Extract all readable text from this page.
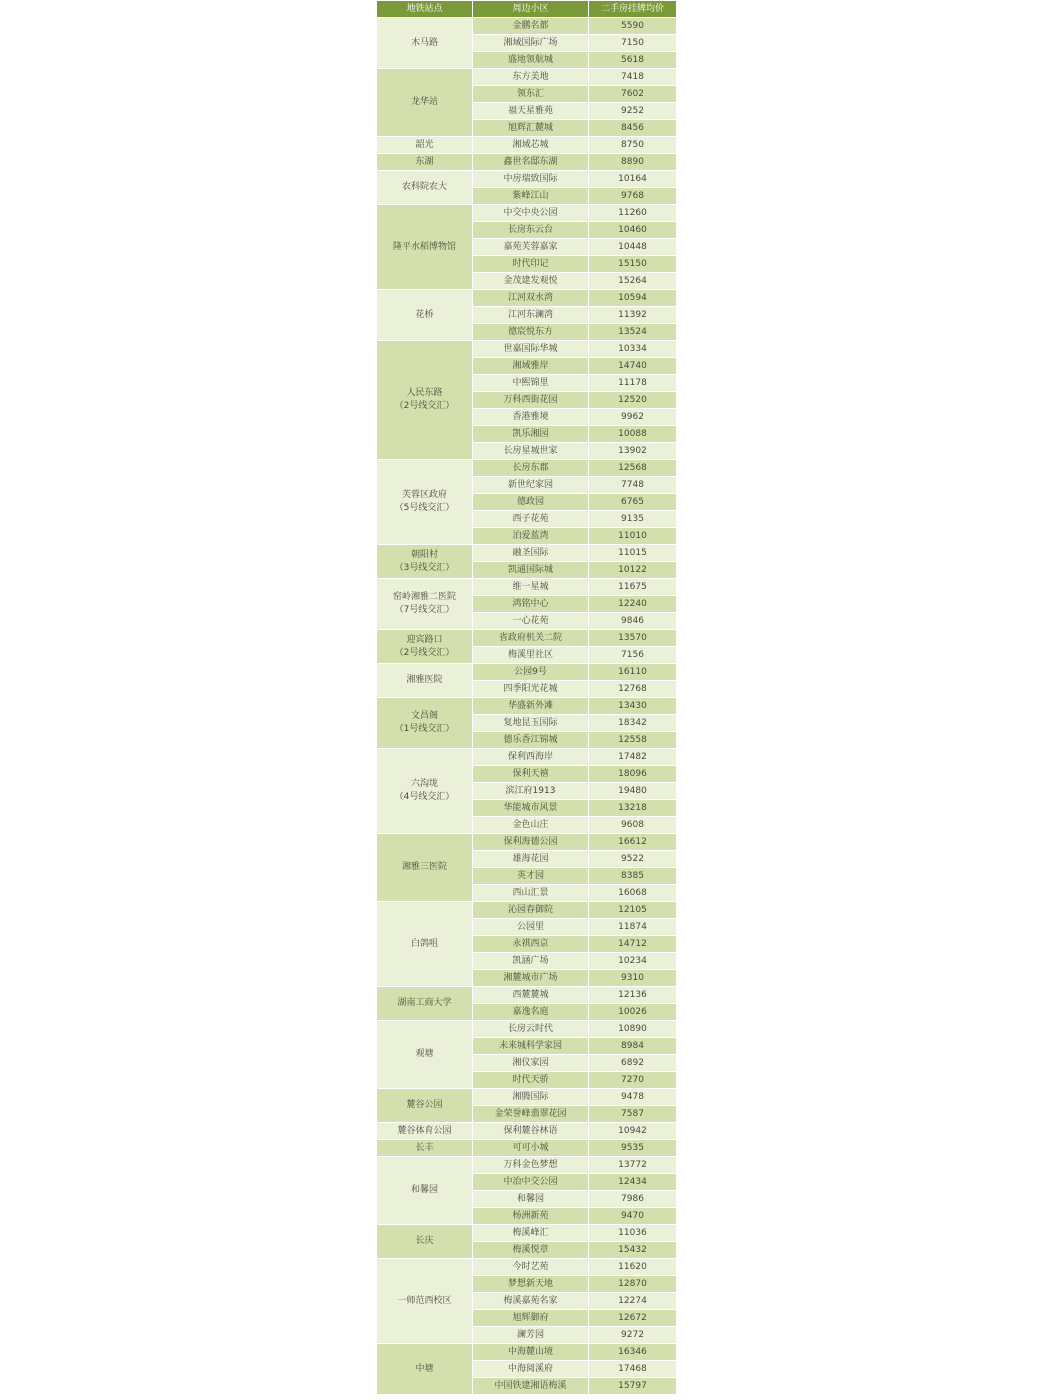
地铁站点	周边小区	二手房挂牌均价

木马路	金鹏名都	5590
	湘域国际广场	7150
	盛地领航城	5618

龙华站	东方美地	7418
	领东汇	7602
	福天星雅苑	9252
	旭辉汇麓城	8456

韶光	湘域芯城	8750

东湖	鑫世名邸东湖	8890

农科院农大	中房瑞致国际	10164
	紫峰江山	9768

隆平水稻博物馆	中交中央公园	11260
	长房东云台	10460
	嘉苑芙蓉嘉家	10448
	时代印记	15150
	金茂建发观悦	15264

花桥	江河双水湾	10594
	江河东澜湾	11392
	德宸悦东方	13524

人民东路
（2号线交汇）	世嘉国际华城	10334
	湘域雅岸	14740
	中熙锦里	11178
	万科西街花园	12520
	香港雅境	9962
	凯乐湘园	10088
	长房星城世家	13902

芙蓉区政府
（5号线交汇）	长房东郡	12568
	新世纪家园	7748
	德政园	6765
	西子花苑	9135
	泊爱蓝湾	11010

朝阳村
（3号线交汇）	融圣国际	11015
	凯通国际城	10122

窑岭湘雅二医院
（7号线交汇）	维一星城	11675
	鸿铭中心	12240
	一心花苑	9846

迎宾路口
（2号线交汇）	省政府机关二院	13570
	梅溪里社区	7156

湘雅医院	公园9号	16110
	四季阳光花城	12768

文昌阁
（1号线交汇）	华盛新外滩	13430
	复地昆玉国际	18342
	德乐香江锦城	12558

六沟垅
（4号线交汇）	保利西海岸	17482
	保利天禧	18096
	滨江府1913	19480
	华能城市风景	13218
	金色山庄	9608

湘雅三医院	保利海德公园	16612
	雄海花园	9522
	英才园	8385
	西山汇景	16068

白鸽咀	沁园春御院	12105
	公园里	11874
	永祺西京	14712
	凯涵广场	10234
	湘麓城市广场	9310

湖南工商大学	西麓麓城	12136
	嘉逸名庭	10026

观塘	长房云时代	10890
	未来城科学家园	8984
	湘仪家园	6892
	时代天骄	7270

麓谷公园	湘腾国际	9478
	金荣誉峰翡翠花园	7587

麓谷体育公园	保利麓谷林语	10942

长丰	可可小城	9535

和馨园	万科金色梦想	13772
	中冶中交公园	12434
	和馨园	7986
	杨洲新苑	9470

长庆	梅溪峰汇	11036
	梅溪悦章	15432

一师范西校区	今时艺苑	11620
	梦想新天地	12870
	梅溪嘉苑名家	12274
	旭辉御府	12672
	澜芳园	9272

中塘	中海麓山境	16346
	中海阅溪府	17468
	中国铁建湘语梅溪	15797
